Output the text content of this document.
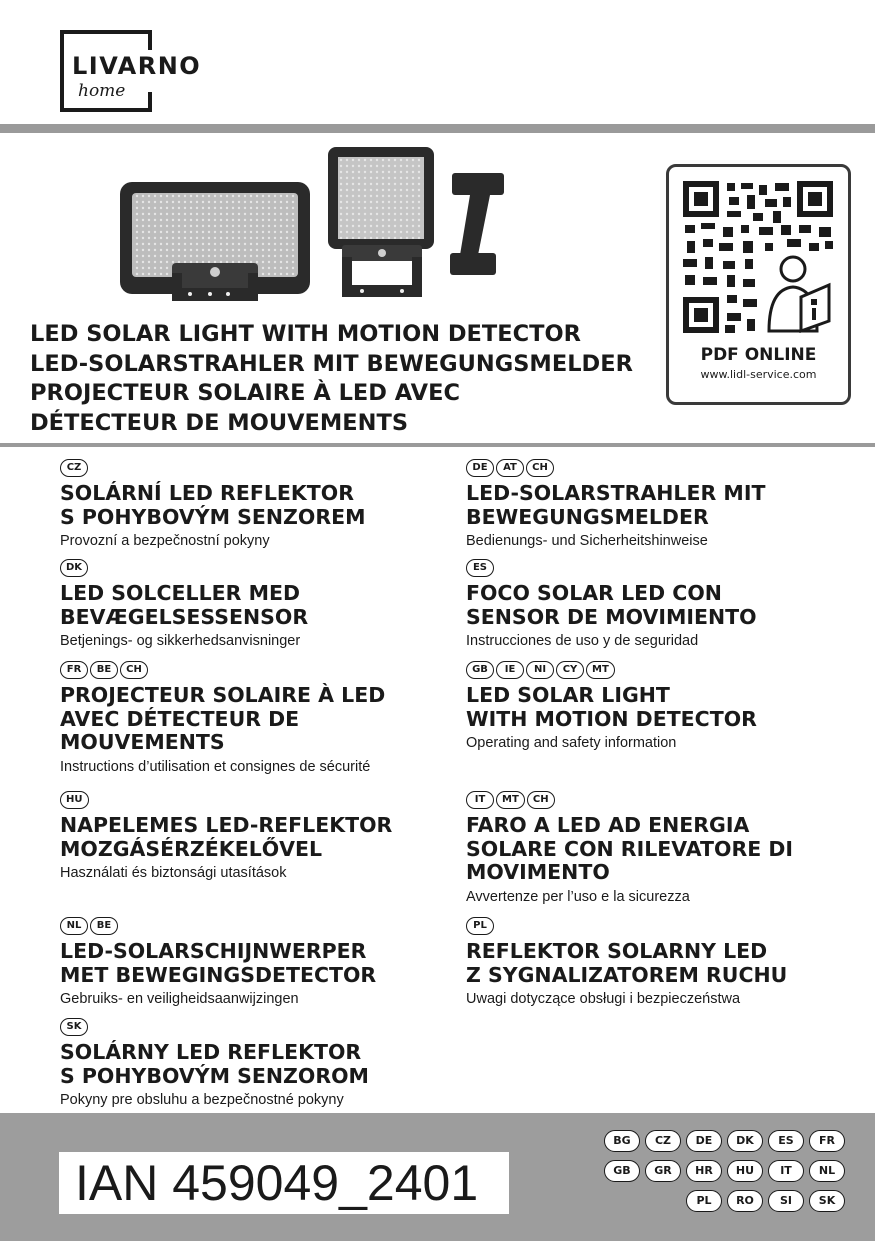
LIVARNO
home
PDF ONLINE
www.lidl-service.com
LED SOLAR LIGHT WITH MOTION DETECTOR
LED-SOLARSTRAHLER MIT BEWEGUNGSMELDER
PROJECTEUR SOLAIRE À LED AVEC
DÉTECTEUR DE MOUVEMENTS
CZ
SOLÁRNÍ LED REFLEKTOR
S POHYBOVÝM SENZOREM
Provozní a bezpečnostní pokyny
DK
LED SOLCELLER MED
BEVÆGELSESSENSOR
Betjenings- og sikkerhedsanvisninger
FR	BE	CH
PROJECTEUR SOLAIRE À LED
AVEC DÉTECTEUR DE
MOUVEMENTS
Instructions d’utilisation et consignes de sécurité
HU
NAPELEMES LED-REFLEKTOR
MOZGÁSÉRZÉKELŐVEL
Használati és biztonsági utasítások
NL	BE
LED-SOLARSCHIJNWERPER
MET BEWEGINGSDETECTOR
Gebruiks- en veiligheidsaanwijzingen
SK
SOLÁRNY LED REFLEKTOR
S POHYBOVÝM SENZOROM
Pokyny pre obsluhu a bezpečnostné pokyny
DE	AT	CH
LED-SOLARSTRAHLER MIT
BEWEGUNGSMELDER
Bedienungs- und Sicherheitshinweise
ES
FOCO SOLAR LED CON
SENSOR DE MOVIMIENTO
Instrucciones de uso y de seguridad
GB	IE	NI	CY	MT
LED SOLAR LIGHT
WITH MOTION DETECTOR
Operating and safety information
IT	MT	CH
FARO A LED AD ENERGIA
SOLARE CON RILEVATORE DI
MOVIMENTO
Avvertenze per l’uso e la sicurezza
PL
REFLEKTOR SOLARNY LED
Z SYGNALIZATOREM RUCHU
Uwagi dotyczące obsługi i bezpieczeństwa
IAN 459049_2401
BG	CZ	DE	DK	ES	FR
GB	GR	HR	HU	IT	NL
PL	RO	SI	SK
